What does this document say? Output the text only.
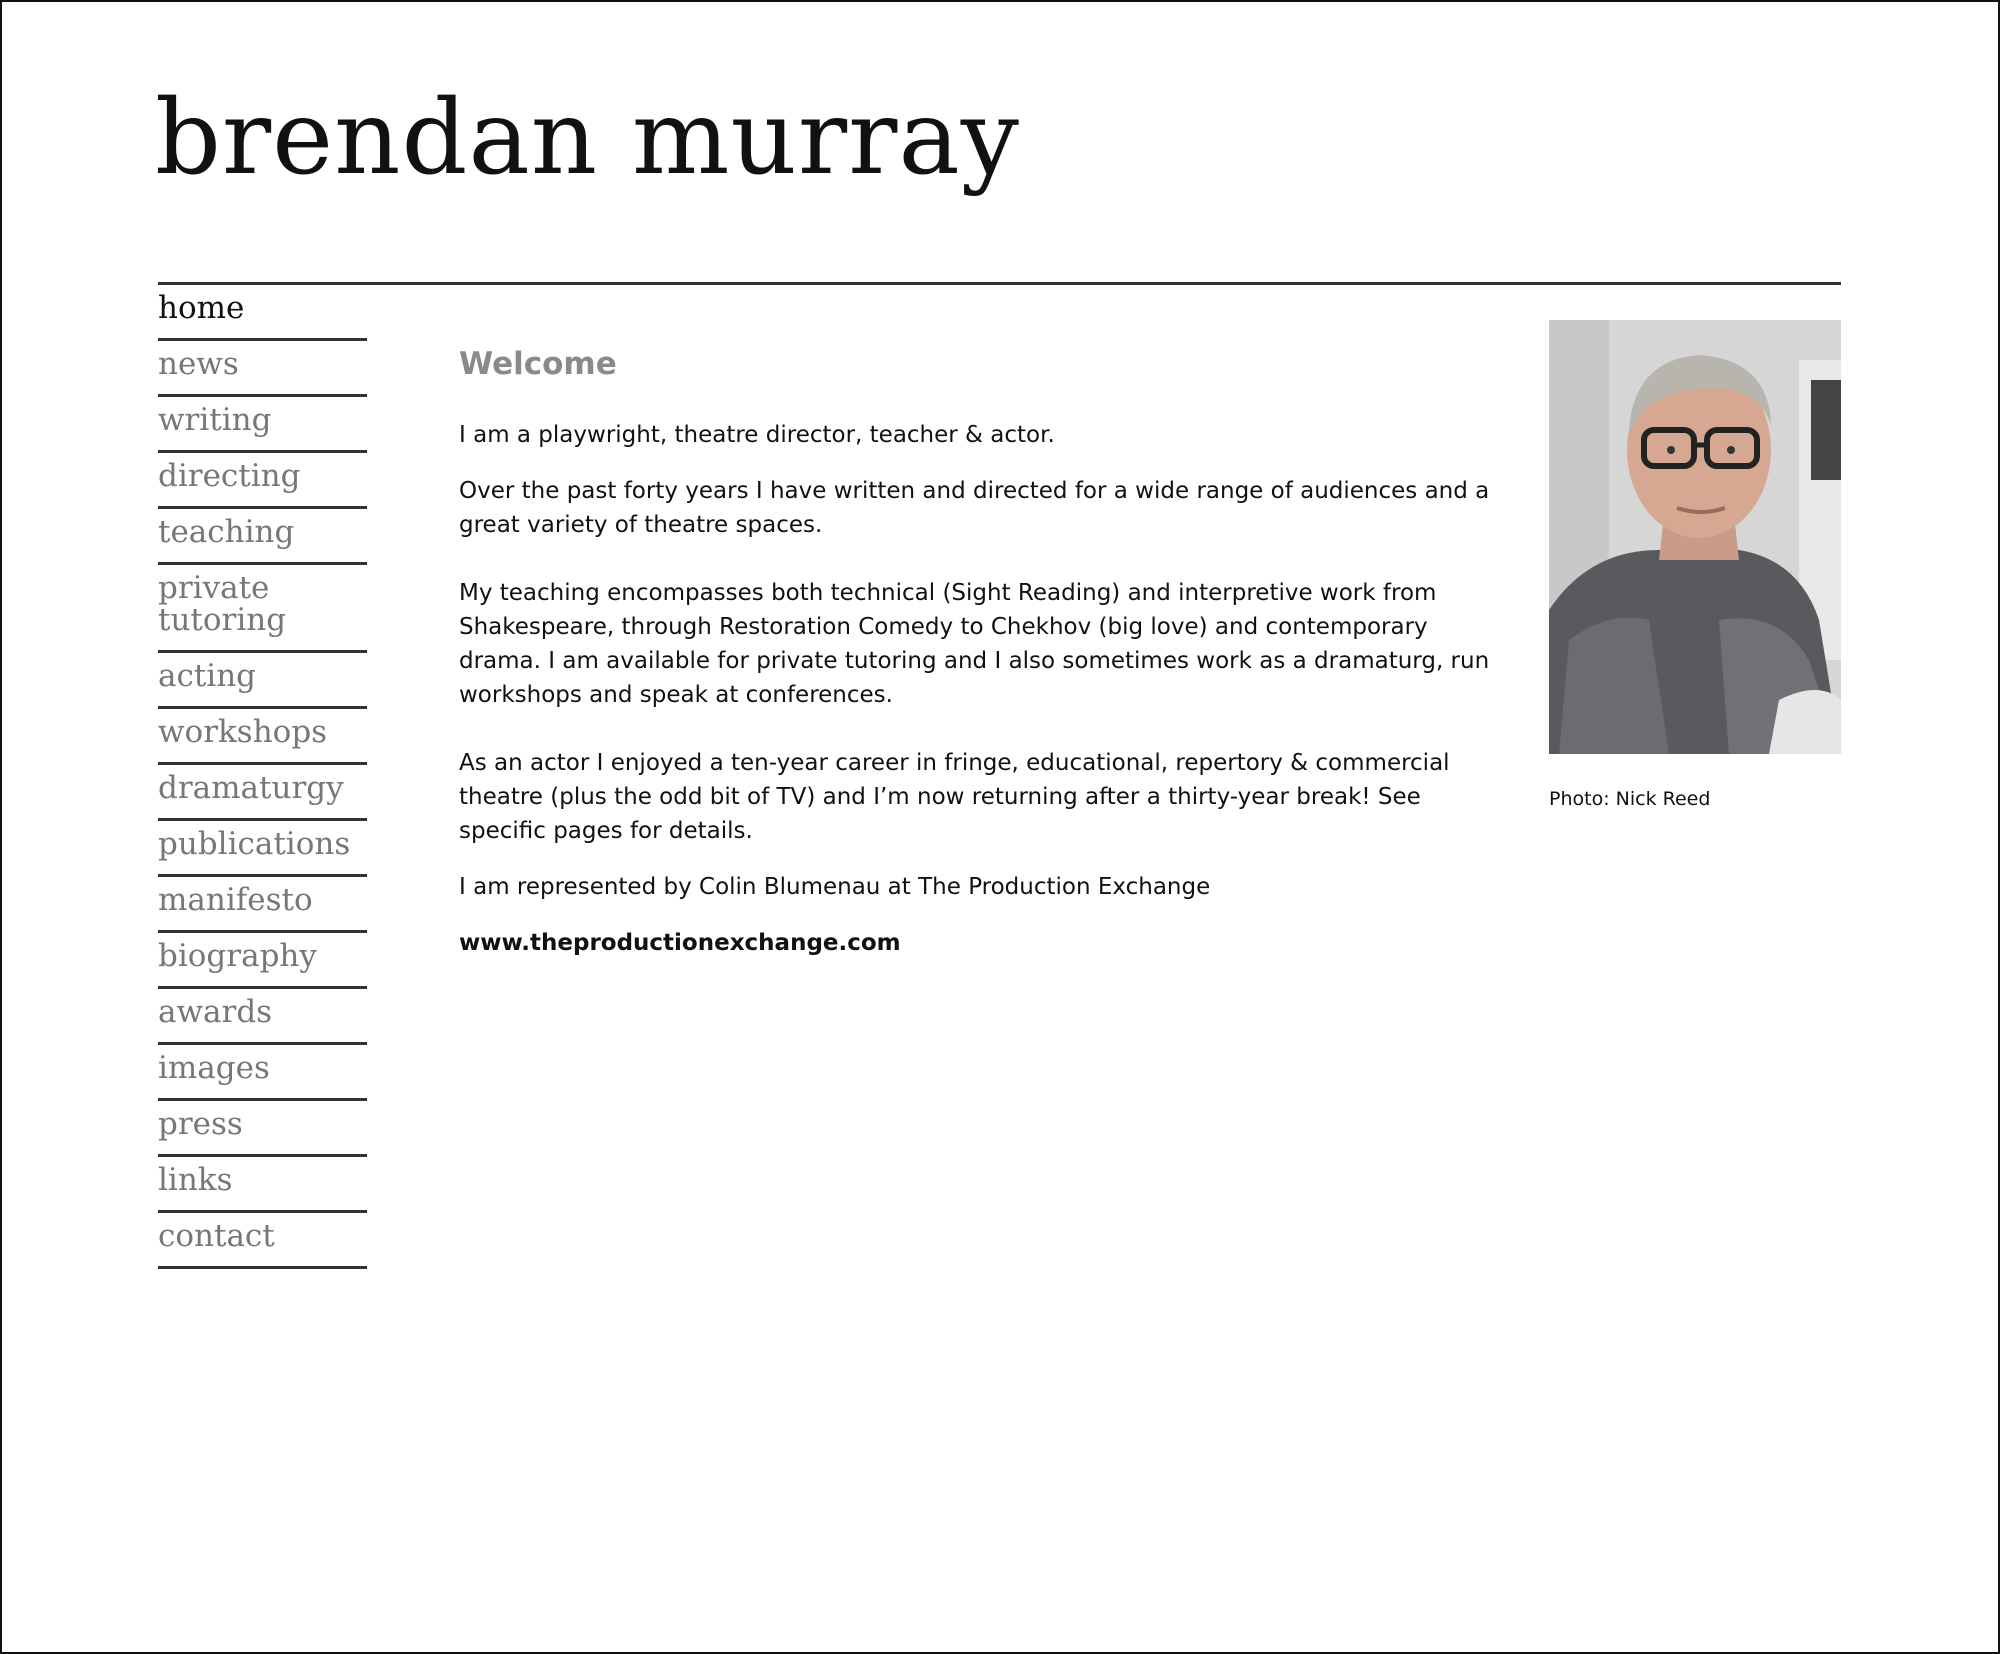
brendan murray
home
news
writing
directing
teaching
private
tutoring
acting
workshops
dramaturgy
publications
manifesto
biography
awards
images
press
links
contact
Welcome

I am a playwright, theatre director, teacher & actor.

Over the past forty years I have written and directed for a wide range of audiences and a great variety of theatre spaces.

My teaching encompasses both technical (Sight Reading) and interpretive work from Shakespeare, through Restoration Comedy to Chekhov (big love) and contemporary drama. I am available for private tutoring and I also sometimes work as a dramaturg, run workshops and speak at conferences.

As an actor I enjoyed a ten-year career in fringe, educational, repertory & commercial theatre (plus the odd bit of TV) and I’m now returning after a thirty-year break! See specific pages for details.

I am represented by Colin Blumenau at The Production Exchange

www.theproductionexchange.com
Photo: Nick Reed
